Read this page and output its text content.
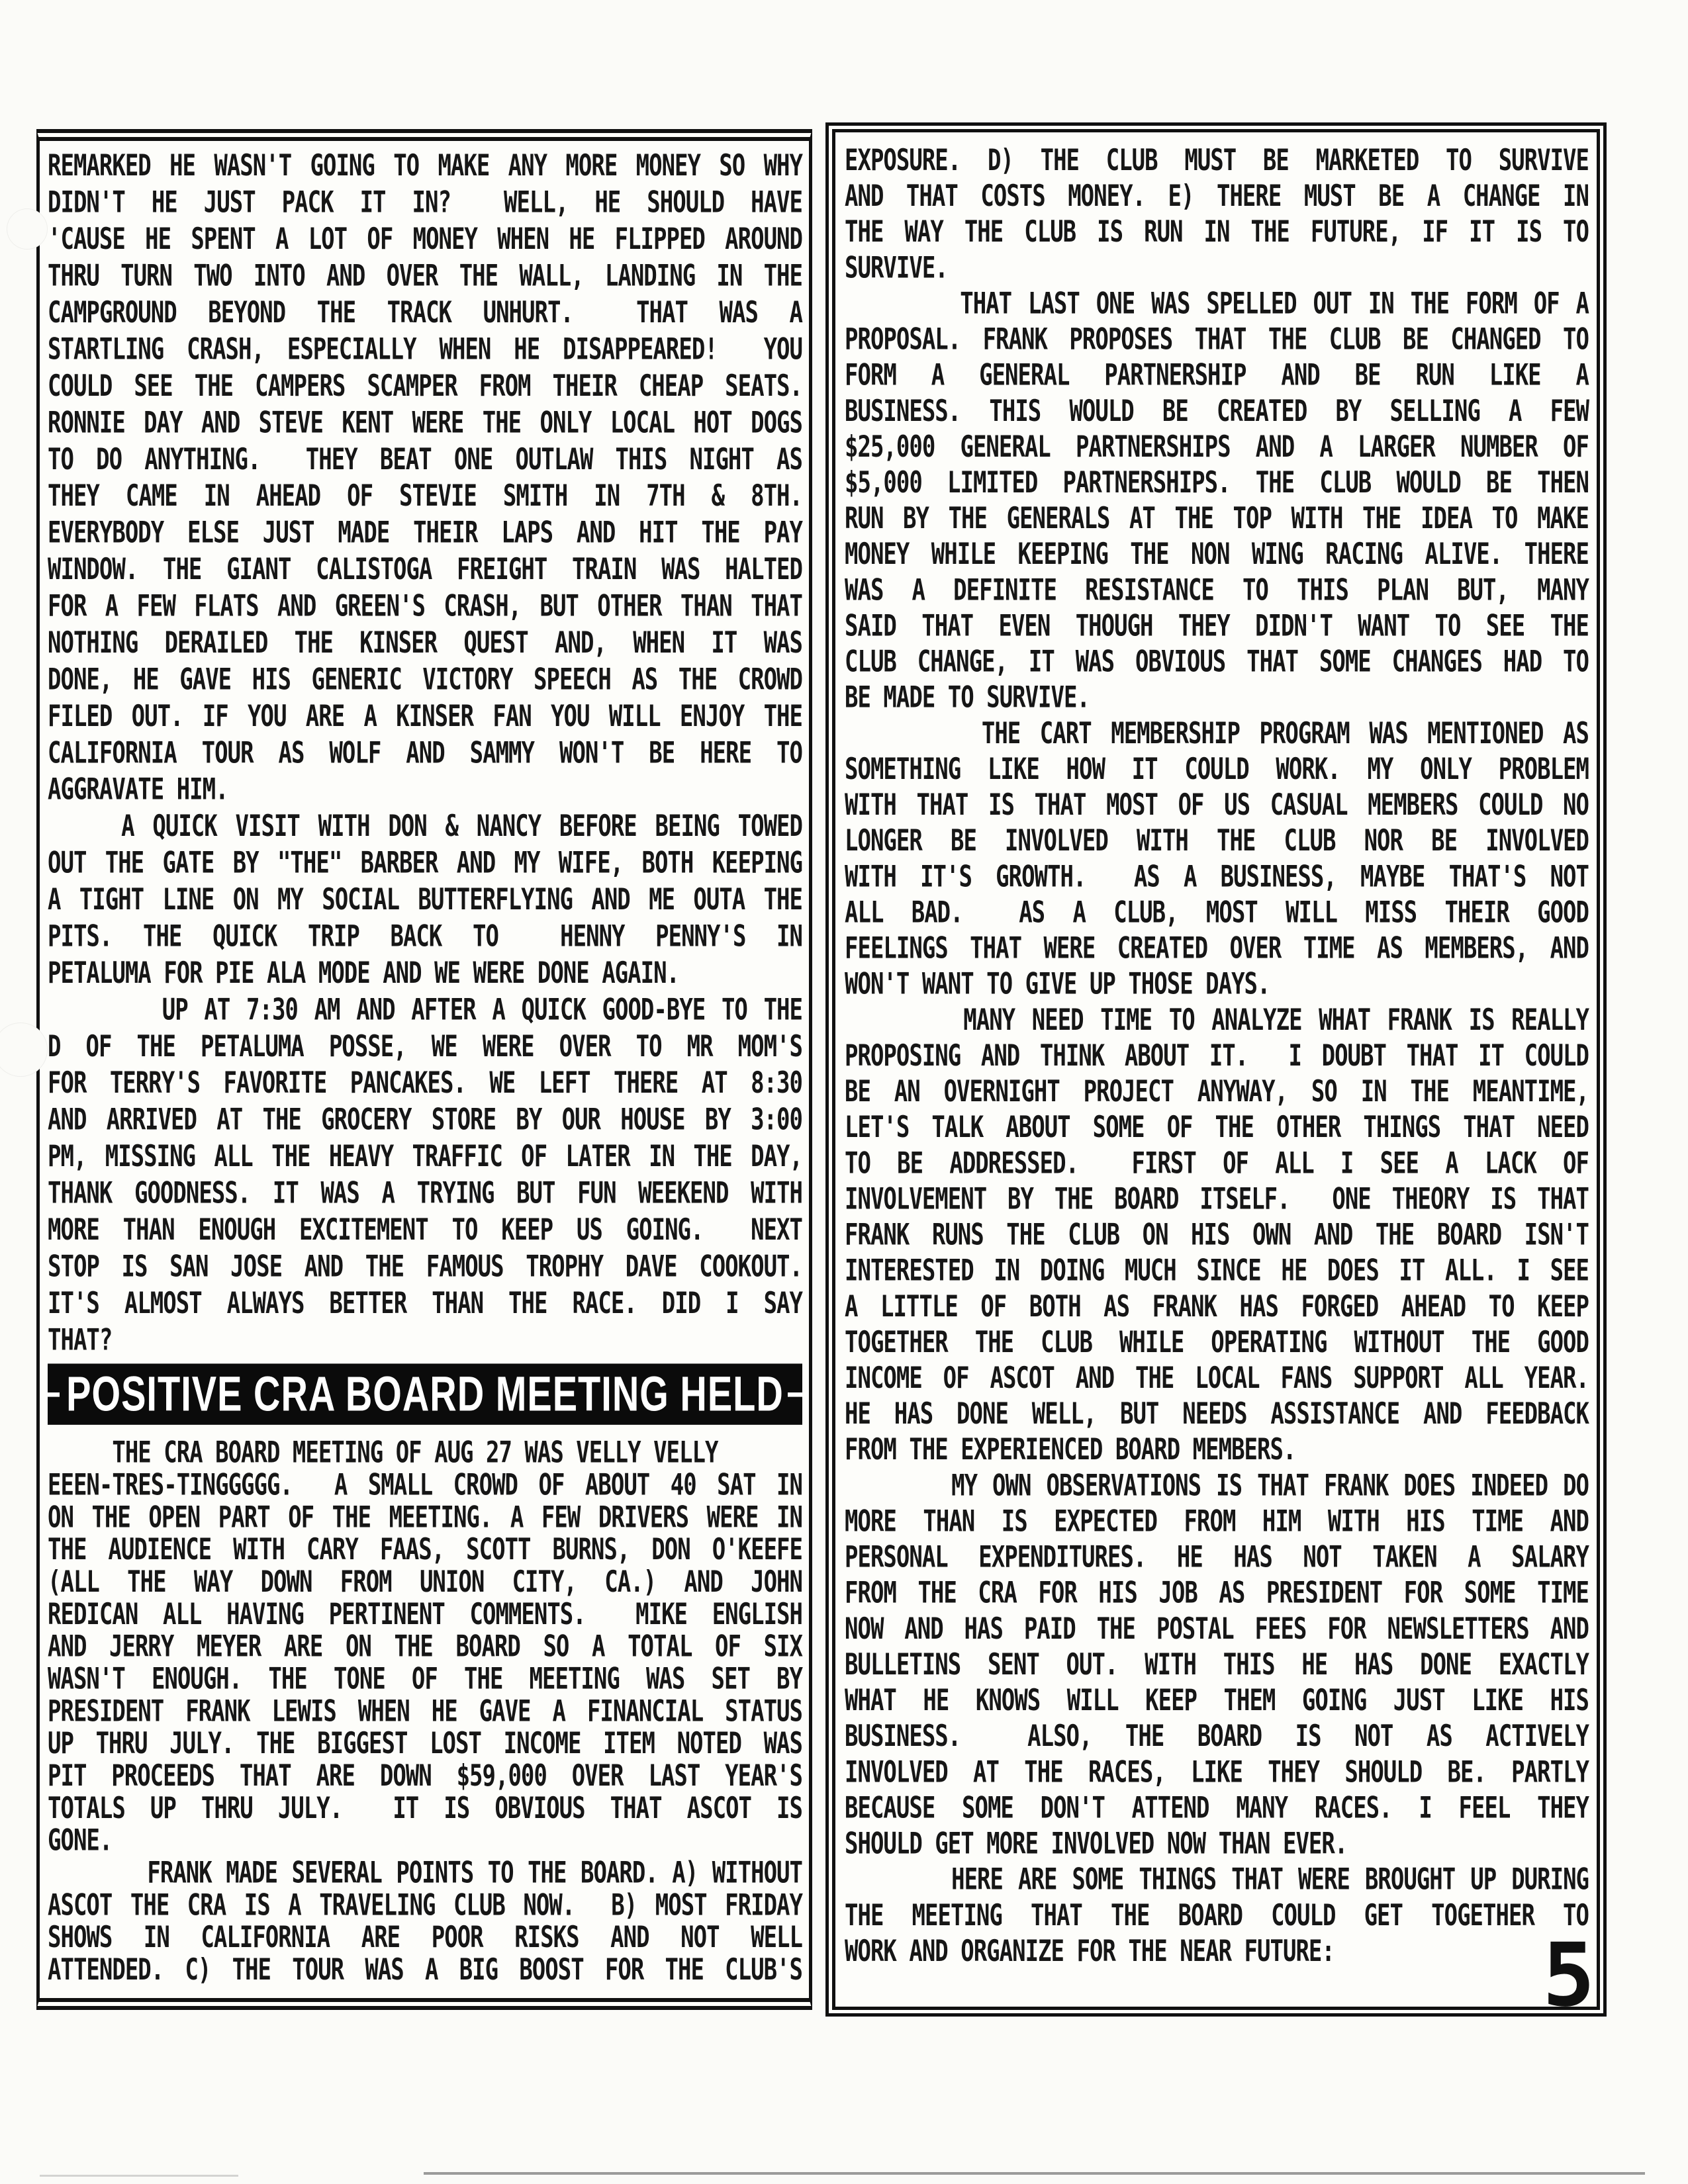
REMARKED HE WASN'T GOING TO MAKE ANY MORE MONEY SO WHY
DIDN'T HE JUST PACK IT IN?  WELL, HE SHOULD HAVE
'CAUSE HE SPENT A LOT OF MONEY WHEN HE FLIPPED AROUND
THRU TURN TWO INTO AND OVER THE WALL, LANDING IN THE
CAMPGROUND BEYOND THE TRACK UNHURT.  THAT WAS A
STARTLING CRASH, ESPECIALLY WHEN HE DISAPPEARED!  YOU
COULD SEE THE CAMPERS SCAMPER FROM THEIR CHEAP SEATS.
RONNIE DAY AND STEVE KENT WERE THE ONLY LOCAL HOT DOGS
TO DO ANYTHING.  THEY BEAT ONE OUTLAW THIS NIGHT AS
THEY CAME IN AHEAD OF STEVIE SMITH IN 7TH & 8TH.
EVERYBODY ELSE JUST MADE THEIR LAPS AND HIT THE PAY
WINDOW. THE GIANT CALISTOGA FREIGHT TRAIN WAS HALTED
FOR A FEW FLATS AND GREEN'S CRASH, BUT OTHER THAN THAT
NOTHING DERAILED THE KINSER QUEST AND, WHEN IT WAS
DONE, HE GAVE HIS GENERIC VICTORY SPEECH AS THE CROWD
FILED OUT. IF YOU ARE A KINSER FAN YOU WILL ENJOY THE
CALIFORNIA TOUR AS WOLF AND SAMMY WON'T BE HERE TO
AGGRAVATE HIM.
A QUICK VISIT WITH DON & NANCY BEFORE BEING TOWED
OUT THE GATE BY "THE" BARBER AND MY WIFE, BOTH KEEPING
A TIGHT LINE ON MY SOCIAL BUTTERFLYING AND ME OUTA THE
PITS. THE QUICK TRIP BACK TO  HENNY PENNY'S IN
PETALUMA FOR PIE ALA MODE AND WE WERE DONE AGAIN.
UP AT 7:30 AM AND AFTER A QUICK GOOD-BYE TO THE
D OF THE PETALUMA POSSE, WE WERE OVER TO MR MOM'S
FOR TERRY'S FAVORITE PANCAKES. WE LEFT THERE AT 8:30
AND ARRIVED AT THE GROCERY STORE BY OUR HOUSE BY 3:00
PM, MISSING ALL THE HEAVY TRAFFIC OF LATER IN THE DAY,
THANK GOODNESS. IT WAS A TRYING BUT FUN WEEKEND WITH
MORE THAN ENOUGH EXCITEMENT TO KEEP US GOING.  NEXT
STOP IS SAN JOSE AND THE FAMOUS TROPHY DAVE COOKOUT.
IT'S ALMOST ALWAYS BETTER THAN THE RACE. DID I SAY
THAT?
POSITIVE CRA BOARD MEETING HELD
THE CRA BOARD MEETING OF AUG 27 WAS VELLY VELLY
EEEN-TRES-TINGGGGG.  A SMALL CROWD OF ABOUT 40 SAT IN
ON THE OPEN PART OF THE MEETING. A FEW DRIVERS WERE IN
THE AUDIENCE WITH CARY FAAS, SCOTT BURNS, DON O'KEEFE
(ALL THE WAY DOWN FROM UNION CITY, CA.) AND JOHN
REDICAN ALL HAVING PERTINENT COMMENTS.  MIKE ENGLISH
AND JERRY MEYER ARE ON THE BOARD SO A TOTAL OF SIX
WASN'T ENOUGH. THE TONE OF THE MEETING WAS SET BY
PRESIDENT FRANK LEWIS WHEN HE GAVE A FINANCIAL STATUS
UP THRU JULY. THE BIGGEST LOST INCOME ITEM NOTED WAS
PIT PROCEEDS THAT ARE DOWN $59,000 OVER LAST YEAR'S
TOTALS UP THRU JULY.  IT IS OBVIOUS THAT ASCOT IS
GONE.
FRANK MADE SEVERAL POINTS TO THE BOARD. A) WITHOUT
ASCOT THE CRA IS A TRAVELING CLUB NOW.  B) MOST FRIDAY
SHOWS IN CALIFORNIA ARE POOR RISKS AND NOT WELL
ATTENDED. C) THE TOUR WAS A BIG BOOST FOR THE CLUB'S
EXPOSURE. D) THE CLUB MUST BE MARKETED TO SURVIVE
AND THAT COSTS MONEY. E) THERE MUST BE A CHANGE IN
THE WAY THE CLUB IS RUN IN THE FUTURE, IF IT IS TO
SURVIVE.
THAT LAST ONE WAS SPELLED OUT IN THE FORM OF A
PROPOSAL. FRANK PROPOSES THAT THE CLUB BE CHANGED TO
FORM A GENERAL PARTNERSHIP AND BE RUN LIKE A
BUSINESS. THIS WOULD BE CREATED BY SELLING A FEW
$25,000 GENERAL PARTNERSHIPS AND A LARGER NUMBER OF
$5,000 LIMITED PARTNERSHIPS. THE CLUB WOULD BE THEN
RUN BY THE GENERALS AT THE TOP WITH THE IDEA TO MAKE
MONEY WHILE KEEPING THE NON WING RACING ALIVE. THERE
WAS A DEFINITE RESISTANCE TO THIS PLAN BUT, MANY
SAID THAT EVEN THOUGH THEY DIDN'T WANT TO SEE THE
CLUB CHANGE, IT WAS OBVIOUS THAT SOME CHANGES HAD TO
BE MADE TO SURVIVE.
THE CART MEMBERSHIP PROGRAM WAS MENTIONED AS
SOMETHING LIKE HOW IT COULD WORK. MY ONLY PROBLEM
WITH THAT IS THAT MOST OF US CASUAL MEMBERS COULD NO
LONGER BE INVOLVED WITH THE CLUB NOR BE INVOLVED
WITH IT'S GROWTH.  AS A BUSINESS, MAYBE THAT'S NOT
ALL BAD.  AS A CLUB, MOST WILL MISS THEIR GOOD
FEELINGS THAT WERE CREATED OVER TIME AS MEMBERS, AND
WON'T WANT TO GIVE UP THOSE DAYS.
MANY NEED TIME TO ANALYZE WHAT FRANK IS REALLY
PROPOSING AND THINK ABOUT IT.  I DOUBT THAT IT COULD
BE AN OVERNIGHT PROJECT ANYWAY, SO IN THE MEANTIME,
LET'S TALK ABOUT SOME OF THE OTHER THINGS THAT NEED
TO BE ADDRESSED.  FIRST OF ALL I SEE A LACK OF
INVOLVEMENT BY THE BOARD ITSELF.  ONE THEORY IS THAT
FRANK RUNS THE CLUB ON HIS OWN AND THE BOARD ISN'T
INTERESTED IN DOING MUCH SINCE HE DOES IT ALL. I SEE
A LITTLE OF BOTH AS FRANK HAS FORGED AHEAD TO KEEP
TOGETHER THE CLUB WHILE OPERATING WITHOUT THE GOOD
INCOME OF ASCOT AND THE LOCAL FANS SUPPORT ALL YEAR.
HE HAS DONE WELL, BUT NEEDS ASSISTANCE AND FEEDBACK
FROM THE EXPERIENCED BOARD MEMBERS.
MY OWN OBSERVATIONS IS THAT FRANK DOES INDEED DO
MORE THAN IS EXPECTED FROM HIM WITH HIS TIME AND
PERSONAL EXPENDITURES. HE HAS NOT TAKEN A SALARY
FROM THE CRA FOR HIS JOB AS PRESIDENT FOR SOME TIME
NOW AND HAS PAID THE POSTAL FEES FOR NEWSLETTERS AND
BULLETINS SENT OUT. WITH THIS HE HAS DONE EXACTLY
WHAT HE KNOWS WILL KEEP THEM GOING JUST LIKE HIS
BUSINESS.  ALSO, THE BOARD IS NOT AS ACTIVELY
INVOLVED AT THE RACES, LIKE THEY SHOULD BE. PARTLY
BECAUSE SOME DON'T ATTEND MANY RACES. I FEEL THEY
SHOULD GET MORE INVOLVED NOW THAN EVER.
HERE ARE SOME THINGS THAT WERE BROUGHT UP DURING
THE MEETING THAT THE BOARD COULD GET TOGETHER TO
WORK AND ORGANIZE FOR THE NEAR FUTURE:	5
